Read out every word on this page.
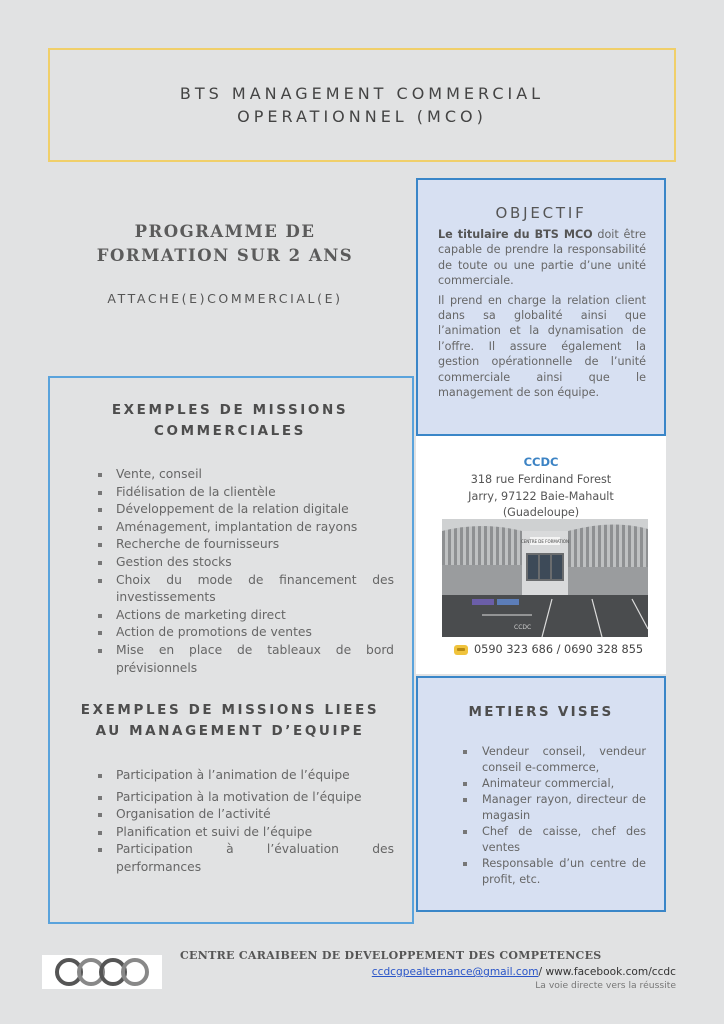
BTS MANAGEMENT COMMERCIAL
OPERATIONNEL (MCO)
PROGRAMME DE
FORMATION SUR 2 ANS
ATTACHE(E)COMMERCIAL(E)
EXEMPLES DE MISSIONS
COMMERCIALES
Vente, conseil
Fidélisation de la clientèle
Développement de la relation digitale
Aménagement, implantation de rayons
Recherche de fournisseurs
Gestion des stocks
Choix du mode de financement des investissements
Actions de marketing direct
Action de promotions de ventes
Mise en place de tableaux de bord prévisionnels
EXEMPLES DE MISSIONS LIEES
AU MANAGEMENT D’EQUIPE
Participation à l’animation de l’équipe
Participation à la motivation de l’équipe
Organisation de l’activité
Planification et suivi de l’équipe
Participation à l’évaluation des performances
OBJECTIF

Le titulaire du BTS MCO doit être capable de prendre la responsabilité de toute ou une partie d’une unité commerciale.

Il prend en charge la relation client dans sa globalité ainsi que l’animation et la dynamisation de l’offre. Il assure également la gestion opérationnelle de l’unité commerciale ainsi que le management de son équipe.

CCDC
318 rue Ferdinand Forest
Jarry, 97122 Baie-Mahault
(Guadeloupe)
CENTRE DE FORMATION
CCDC
0590 323 686 / 0690 328 855
METIERS VISES
Vendeur conseil, vendeur conseil e-commerce,
Animateur commercial,
Manager rayon, directeur de magasin
Chef de caisse, chef des ventes
Responsable d’un centre de profit, etc.
CENTRE CARAIBEEN DE DEVELOPPEMENT DES COMPETENCES
ccdcgpealternance@gmail.com/ www.facebook.com/ccdc
La voie directe vers la réussite
